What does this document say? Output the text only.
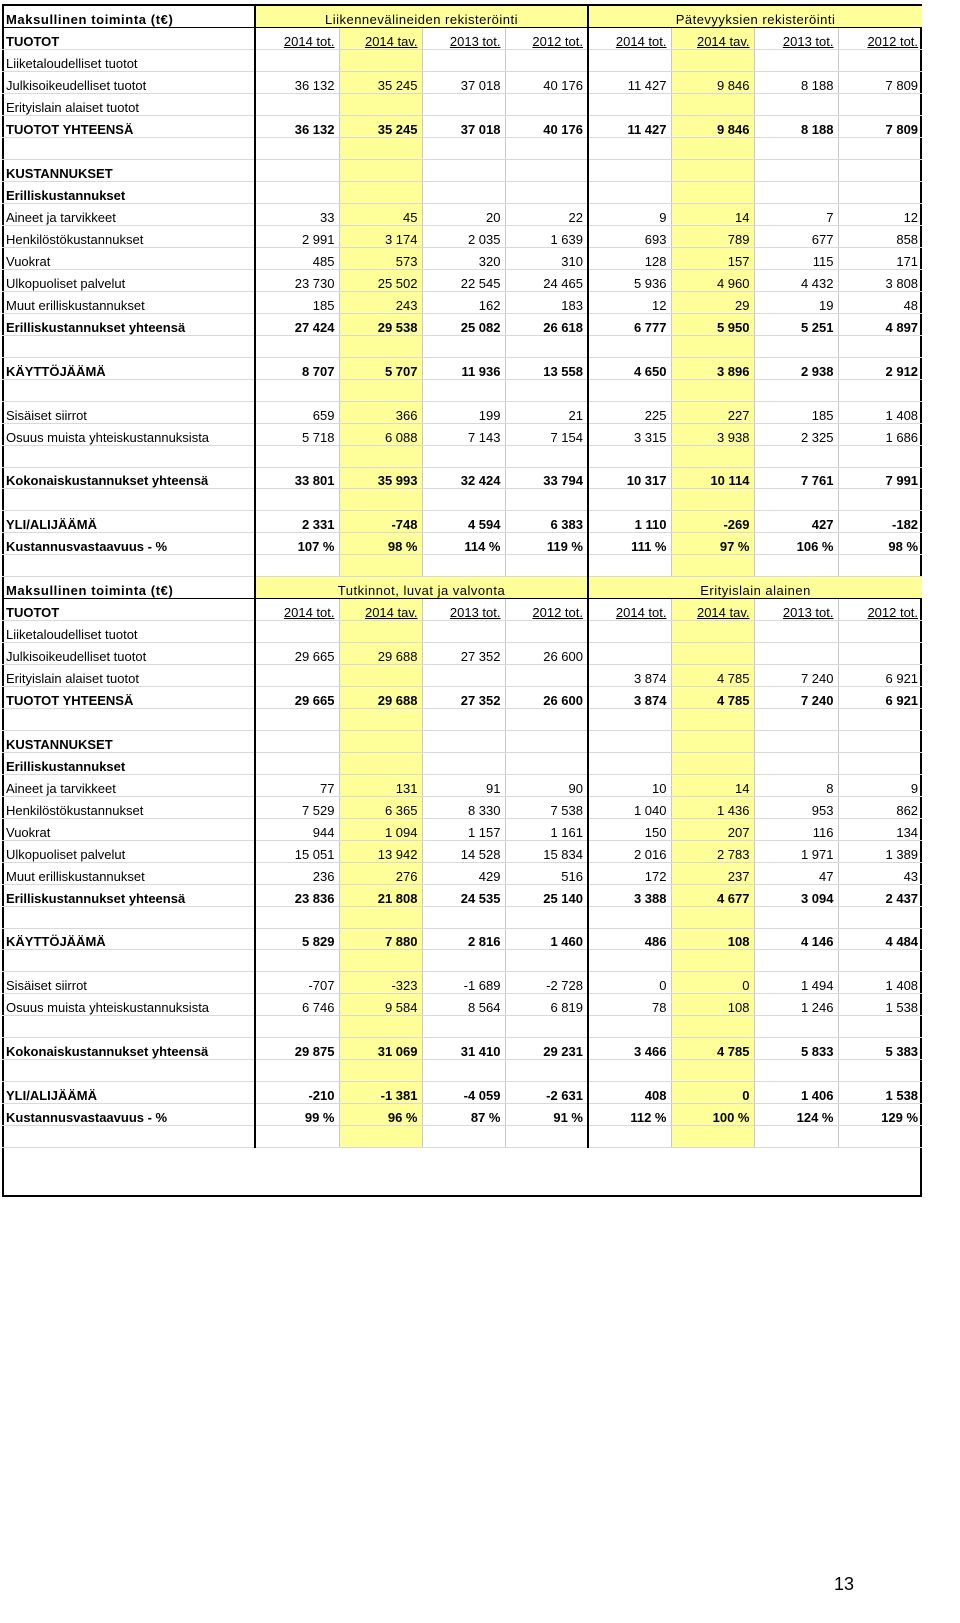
Maksullinen toiminta (t€)	Liikennevälineiden rekisteröinti				Pätevyyksien rekisteröinti			
TUOTOT	2014 tot.	2014 tav.	2013 tot.	2012 tot.	2014 tot.	2014 tav.	2013 tot.	2012 tot.
Liiketaloudelliset tuotot								
Julkisoikeudelliset tuotot	36 132	35 245	37 018	40 176	11 427	9 846	8 188	7 809
Erityislain alaiset tuotot								
TUOTOT YHTEENSÄ	36 132	35 245	37 018	40 176	11 427	9 846	8 188	7 809

KUSTANNUKSET								
Erilliskustannukset								
Aineet ja tarvikkeet	33	45	20	22	9	14	7	12
Henkilöstökustannukset	2 991	3 174	2 035	1 639	693	789	677	858
Vuokrat	485	573	320	310	128	157	115	171
Ulkopuoliset palvelut	23 730	25 502	22 545	24 465	5 936	4 960	4 432	3 808
Muut erilliskustannukset	185	243	162	183	12	29	19	48
Erilliskustannukset yhteensä	27 424	29 538	25 082	26 618	6 777	5 950	5 251	4 897

KÄYTTÖJÄÄMÄ	8 707	5 707	11 936	13 558	4 650	3 896	2 938	2 912

Sisäiset siirrot	659	366	199	21	225	227	185	1 408
Osuus muista yhteiskustannuksista	5 718	6 088	7 143	7 154	3 315	3 938	2 325	1 686

Kokonaiskustannukset yhteensä	33 801	35 993	32 424	33 794	10 317	10 114	7 761	7 991

YLI/ALIJÄÄMÄ	2 331	-748	4 594	6 383	1 110	-269	427	-182
Kustannusvastaavuus - %	107 %	98 %	114 %	119 %	111 %	97 %	106 %	98 %

Maksullinen toiminta (t€)	Tutkinnot, luvat ja valvonta				Erityislain alainen			
TUOTOT	2014 tot.	2014 tav.	2013 tot.	2012 tot.	2014 tot.	2014 tav.	2013 tot.	2012 tot.
Liiketaloudelliset tuotot								
Julkisoikeudelliset tuotot	29 665	29 688	27 352	26 600				
Erityislain alaiset tuotot					3 874	4 785	7 240	6 921
TUOTOT YHTEENSÄ	29 665	29 688	27 352	26 600	3 874	4 785	7 240	6 921

KUSTANNUKSET								
Erilliskustannukset								
Aineet ja tarvikkeet	77	131	91	90	10	14	8	9
Henkilöstökustannukset	7 529	6 365	8 330	7 538	1 040	1 436	953	862
Vuokrat	944	1 094	1 157	1 161	150	207	116	134
Ulkopuoliset palvelut	15 051	13 942	14 528	15 834	2 016	2 783	1 971	1 389
Muut erilliskustannukset	236	276	429	516	172	237	47	43
Erilliskustannukset yhteensä	23 836	21 808	24 535	25 140	3 388	4 677	3 094	2 437

KÄYTTÖJÄÄMÄ	5 829	7 880	2 816	1 460	486	108	4 146	4 484

Sisäiset siirrot	-707	-323	-1 689	-2 728	0	0	1 494	1 408
Osuus muista yhteiskustannuksista	6 746	9 584	8 564	6 819	78	108	1 246	1 538

Kokonaiskustannukset yhteensä	29 875	31 069	31 410	29 231	3 466	4 785	5 833	5 383

YLI/ALIJÄÄMÄ	-210	-1 381	-4 059	-2 631	408	0	1 406	1 538
Kustannusvastaavuus - %	99 %	96 %	87 %	91 %	112 %	100 %	124 %	129 %

13
